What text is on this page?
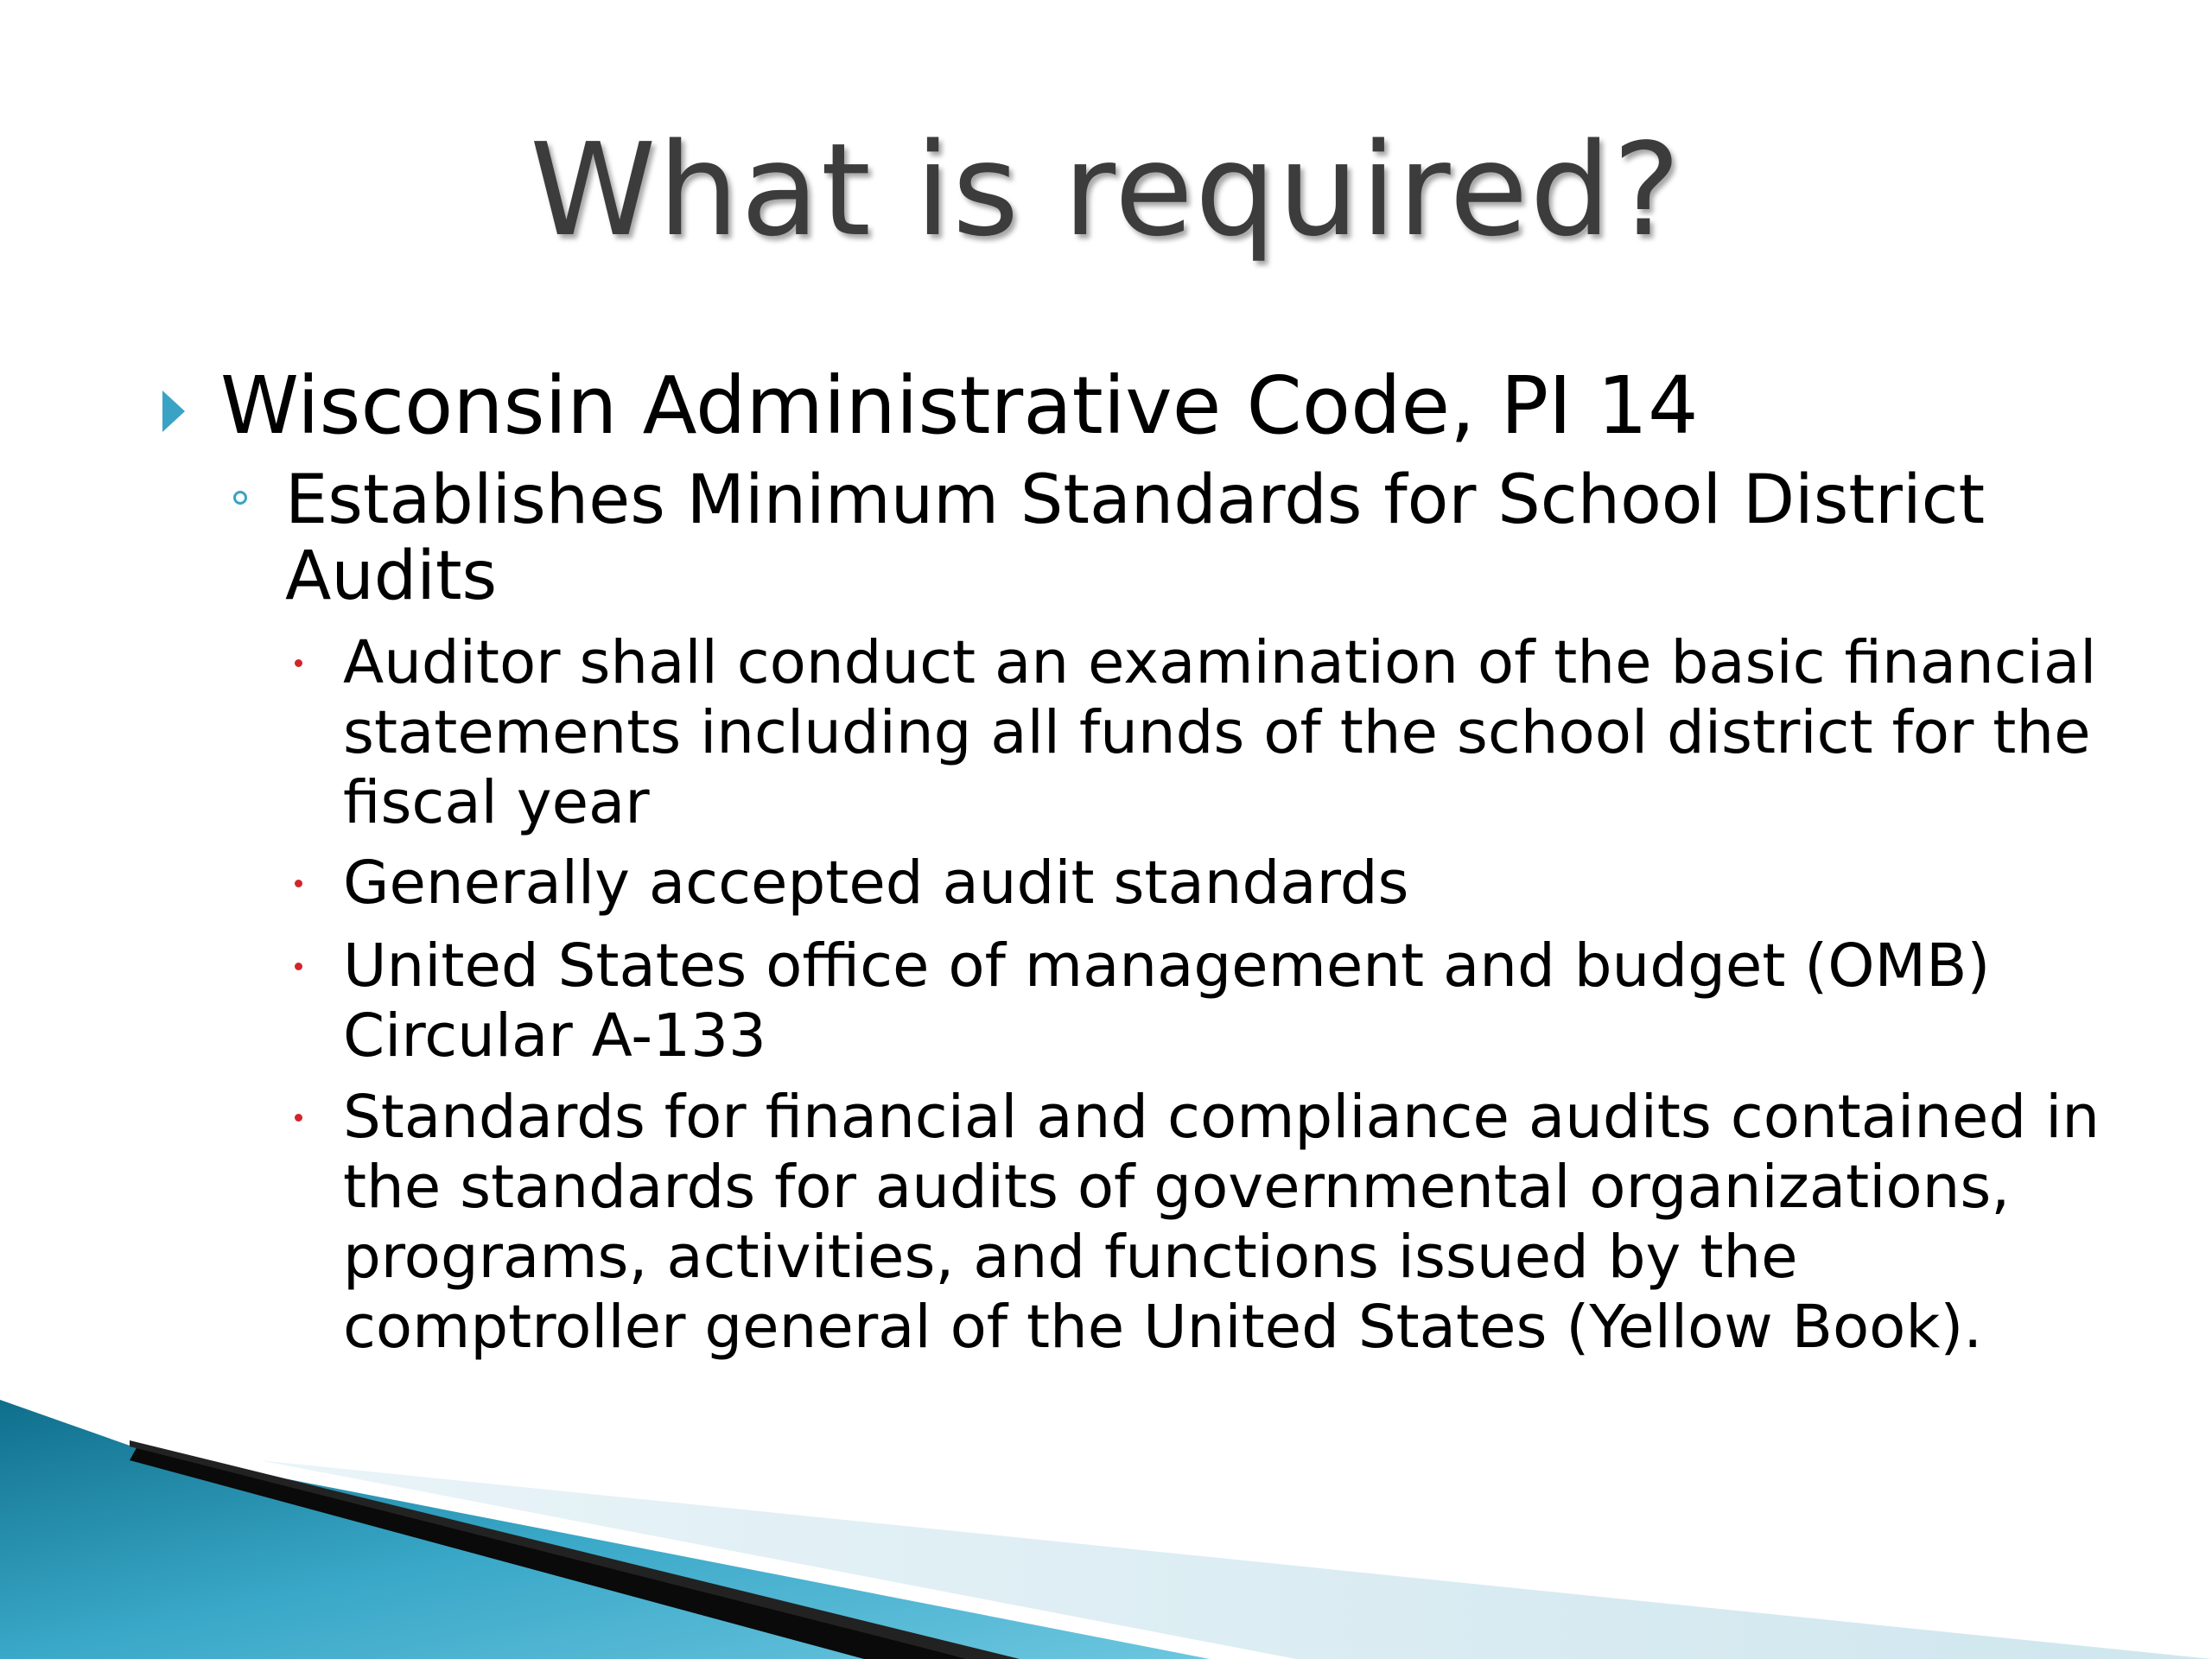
What is required?
Wisconsin Administrative Code, PI 14
Establishes Minimum Standards for School District Audits
Auditor shall conduct an examination of the basic financial statements including all funds of the school district for the fiscal year
Generally accepted audit standards
United States office of management and budget (OMB) Circular A-133
Standards for financial and compliance audits contained in the standards for audits of governmental organizations, programs, activities, and functions issued by the comptroller general of the United States (Yellow Book).
